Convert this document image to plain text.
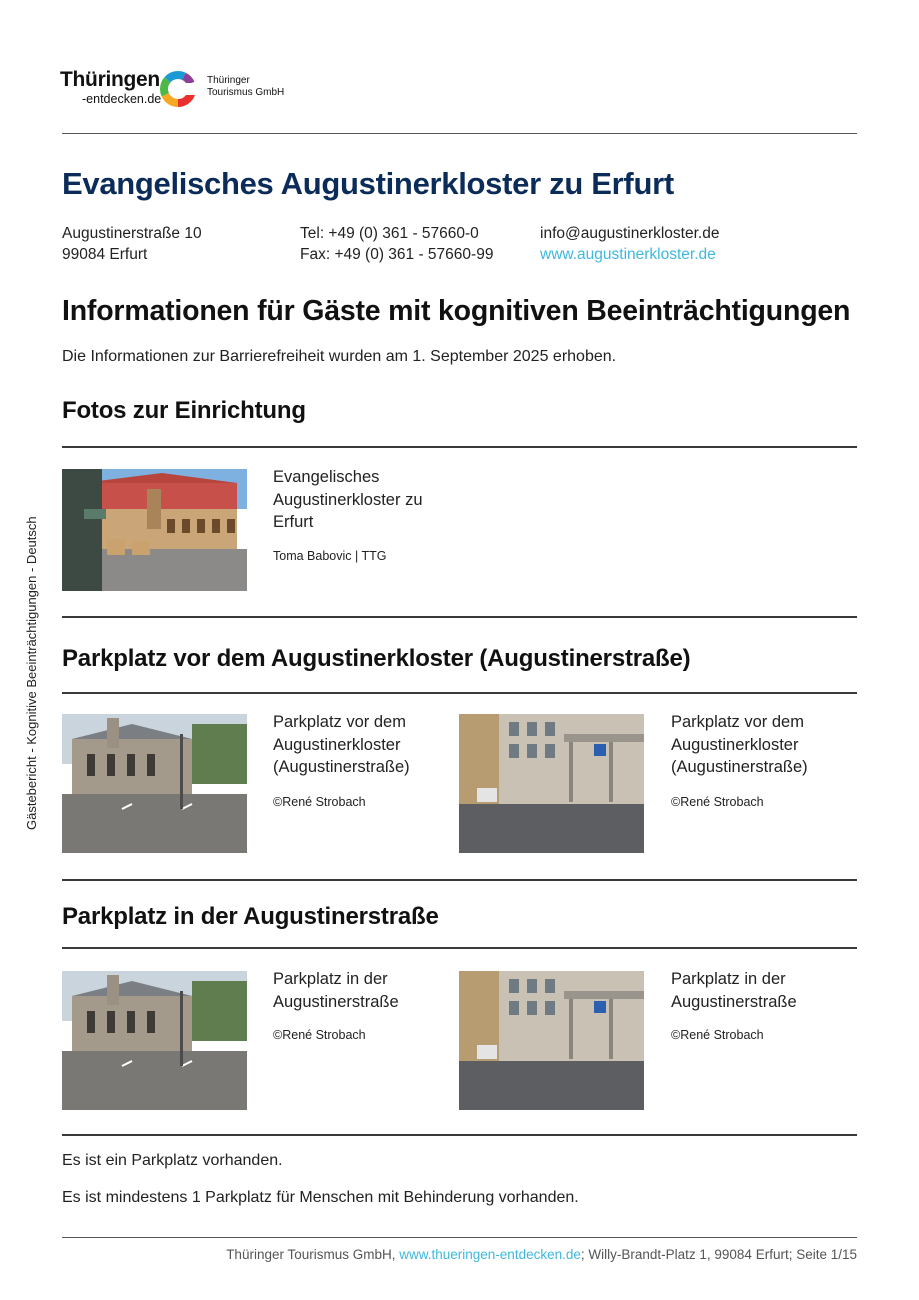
Thüringen
-entdecken.de
Thüringer
Tourismus GmbH
Evangelisches Augustinerkloster zu Erfurt
Augustinerstraße 10
99084 Erfurt
Tel: +49 (0) 361 - 57660-0
Fax: +49 (0) 361 - 57660-99
info@augustinerkloster.de
www.augustinerkloster.de
Informationen für Gäste mit kognitiven Beeinträchtigungen
Die Informationen zur Barrierefreiheit wurden am 1. September 2025 erhoben.
Fotos zur Einrichtung
Evangelisches
Augustinerkloster zu
Erfurt
Toma Babovic | TTG
Parkplatz vor dem Augustinerkloster (Augustinerstraße)
Parkplatz vor dem
Augustinerkloster
(Augustinerstraße)
©René Strobach
Parkplatz vor dem
Augustinerkloster
(Augustinerstraße)
©René Strobach
Parkplatz in der Augustinerstraße
Parkplatz in der
Augustinerstraße
©René Strobach
Parkplatz in der
Augustinerstraße
©René Strobach
Es ist ein Parkplatz vorhanden.
Es ist mindestens 1 Parkplatz für Menschen mit Behinderung vorhanden.
Gästebericht - Kognitive Beeinträchtigungen - Deutsch
Thüringer Tourismus GmbH, www.thueringen-entdecken.de; Willy-Brandt-Platz 1, 99084 Erfurt; Seite 1/15
